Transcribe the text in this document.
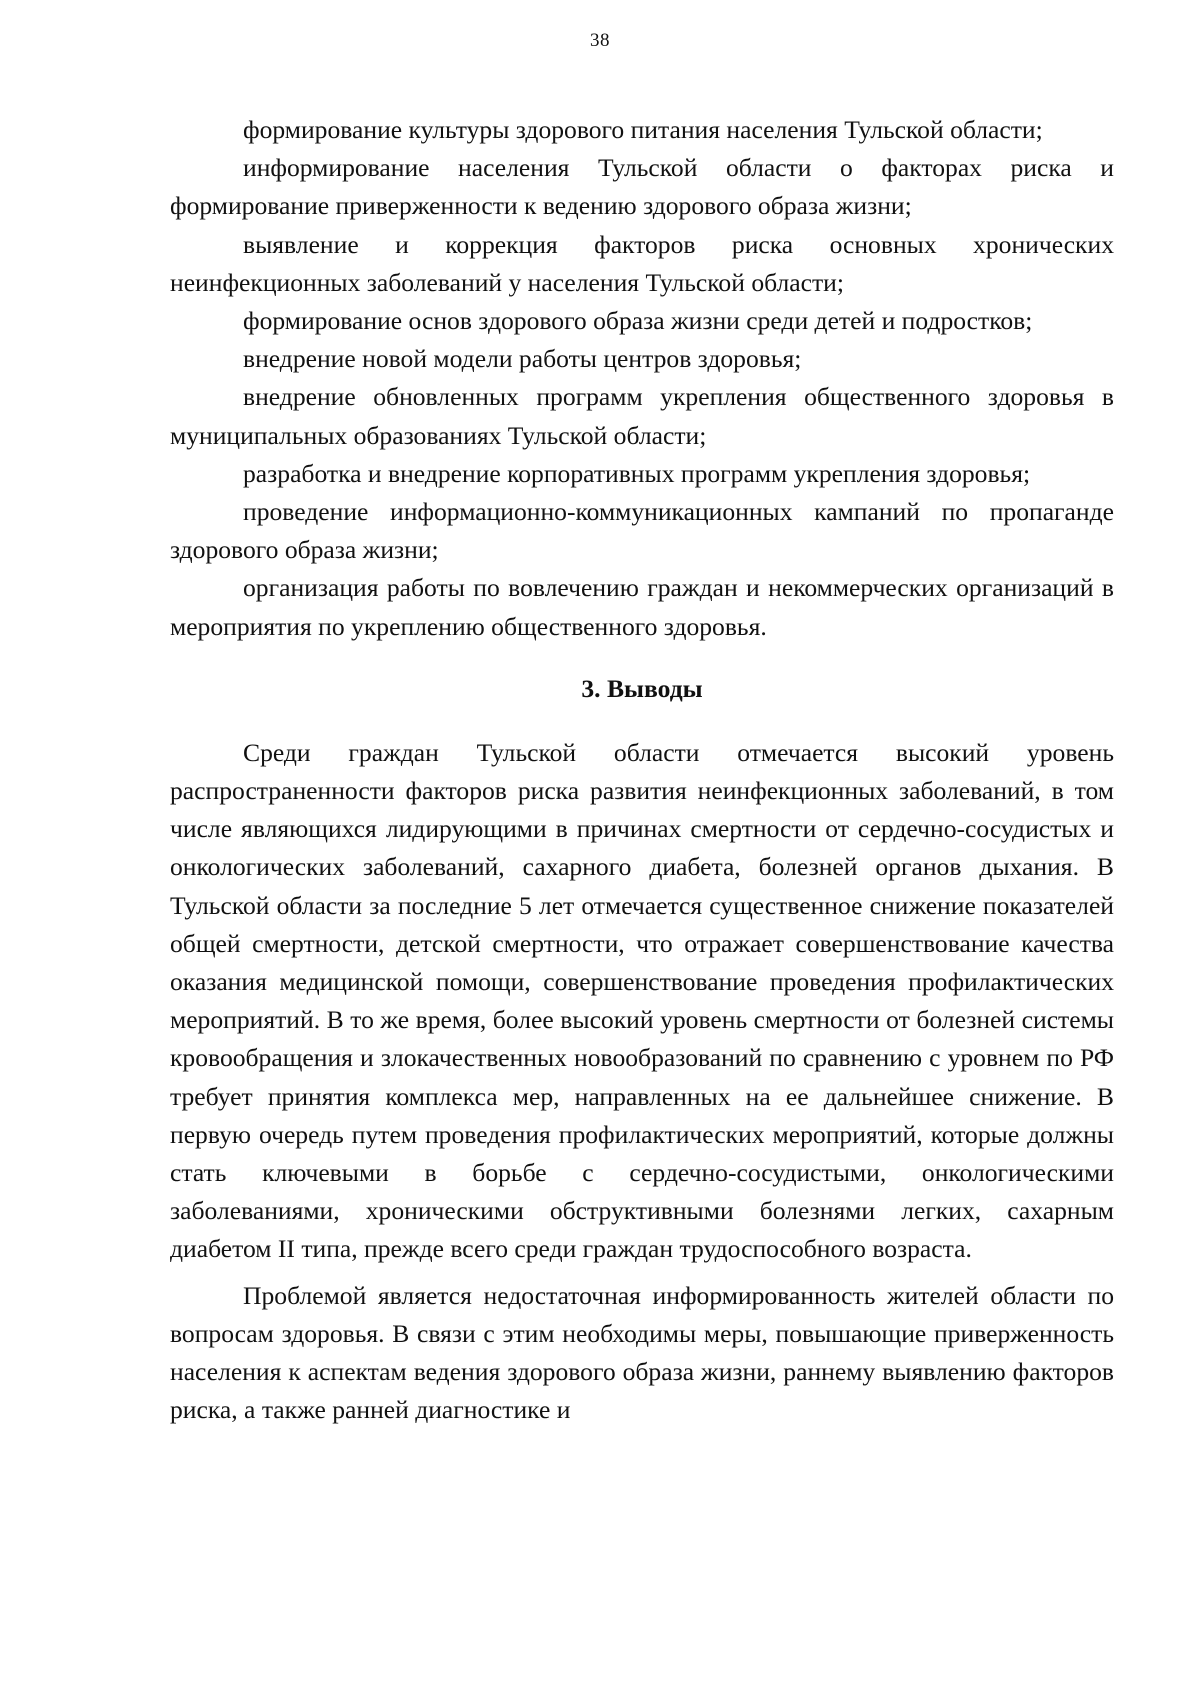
38

формирование культуры здорового питания населения Тульской области;

информирование населения Тульской области о факторах риска и формирование приверженности к ведению здорового образа жизни;

выявление и коррекция факторов риска основных хронических неинфекционных заболеваний у населения Тульской области;

формирование основ здорового образа жизни среди детей и подростков;

внедрение новой модели работы центров здоровья;

внедрение обновленных программ укрепления общественного здоровья в муниципальных образованиях Тульской области;

разработка и внедрение корпоративных программ укрепления здоровья;

проведение информационно-коммуникационных кампаний по пропаганде здорового образа жизни;

организация работы по вовлечению граждан и некоммерческих организаций в мероприятия по укреплению общественного здоровья.

3. Выводы

Среди граждан Тульской области отмечается высокий уровень распространенности факторов риска развития неинфекционных заболеваний, в том числе являющихся лидирующими в причинах смертности от сердечно-сосудистых и онкологических заболеваний, сахарного диабета, болезней органов дыхания. В Тульской области за последние 5 лет отмечается существенное снижение показателей общей смертности, детской смертности, что отражает совершенствование качества оказания медицинской помощи, совершенствование проведения профилактических мероприятий. В то же время, более высокий уровень смертности от болезней системы кровообращения и злокачественных новообразований по сравнению с уровнем по РФ требует принятия комплекса мер, направленных на ее дальнейшее снижение. В первую очередь путем проведения профилактических мероприятий, которые должны стать ключевыми в борьбе с сердечно-сосудистыми, онкологическими заболеваниями, хроническими обструктивными болезнями легких, сахарным диабетом II типа, прежде всего среди граждан трудоспособного возраста.

Проблемой является недостаточная информированность жителей области по вопросам здоровья. В связи с этим необходимы меры, повышающие приверженность населения к аспектам ведения здорового образа жизни, раннему выявлению факторов риска, а также ранней диагностике и
